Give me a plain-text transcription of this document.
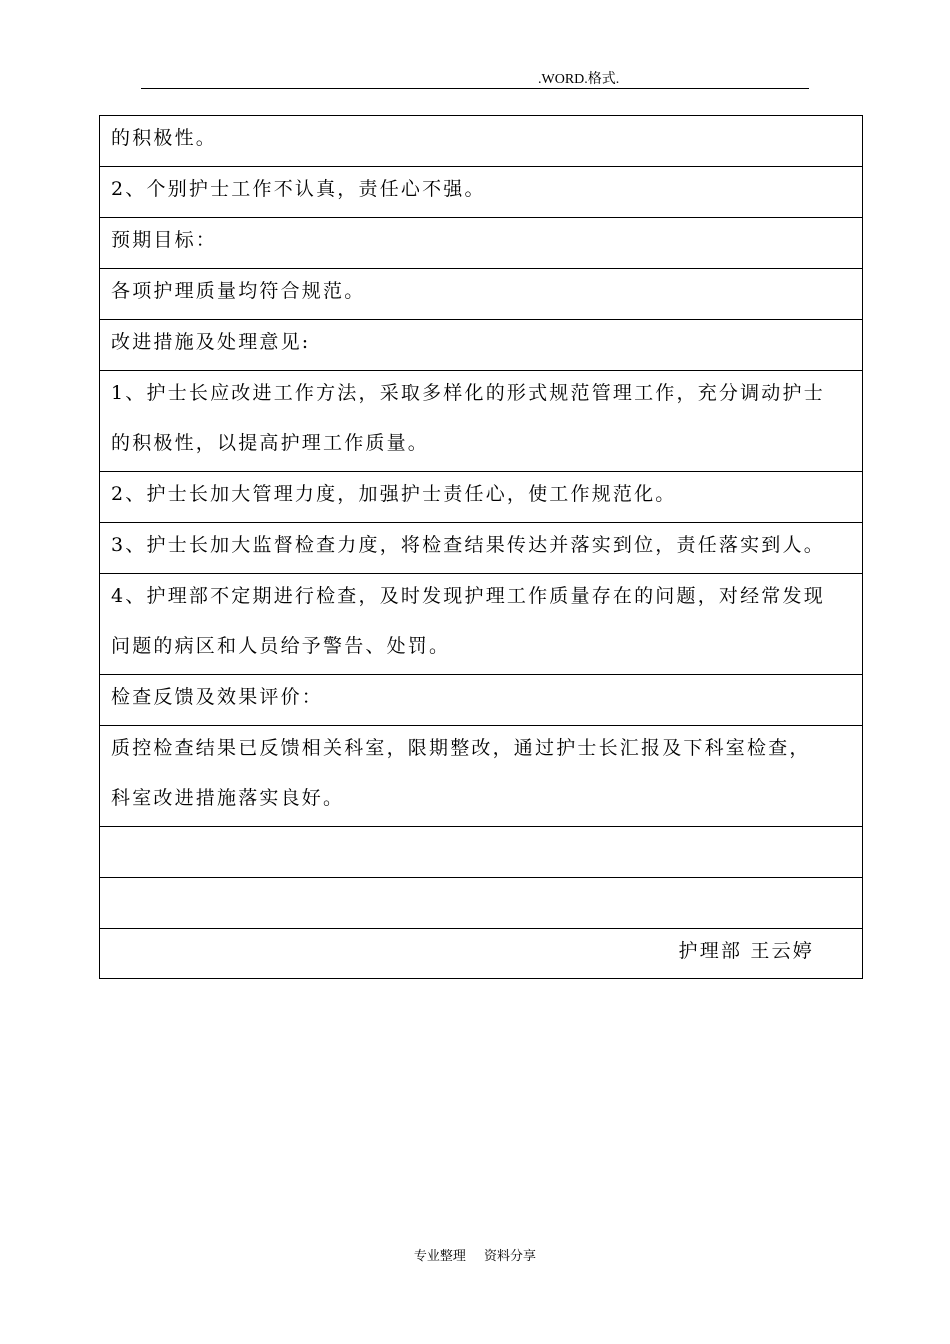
.WORD.格式.
的积极性。
2、个别护士工作不认真，责任心不强。
预期目标：
各项护理质量均符合规范。
改进措施及处理意见:
1、护士长应改进工作方法，采取多样化的形式规范管理工作，充分调动护士
的积极性，以提高护理工作质量。
2、护士长加大管理力度，加强护士责任心，使工作规范化。
3、护士长加大监督检查力度，将检查结果传达并落实到位，责任落实到人。
4、护理部不定期进行检查，及时发现护理工作质量存在的问题，对经常发现
问题的病区和人员给予警告、处罚。
检查反馈及效果评价：
质控检查结果已反馈相关科室，限期整改，通过护士长汇报及下科室检查，
科室改进措施落实良好。
护理部 王云婷
专业整理 资料分享
